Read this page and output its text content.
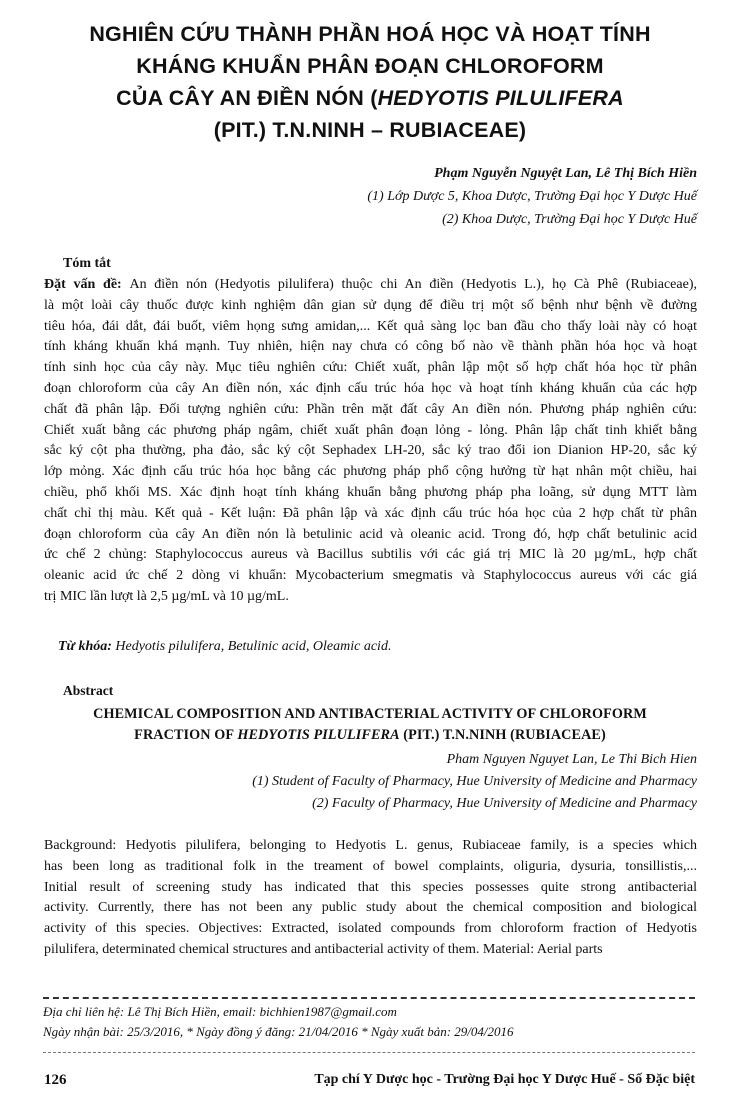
NGHIÊN CỨU THÀNH PHẦN HOÁ HỌC VÀ HOẠT TÍNH
KHÁNG KHUẨN PHÂN ĐOẠN CHLOROFORM
CỦA CÂY AN ĐIỀN NÓN (HEDYOTIS PILULIFERA
(PIT.) T.N.NINH – RUBIACEAE)
Phạm Nguyễn Nguyệt Lan, Lê Thị Bích Hiền
(1) Lớp Dược 5, Khoa Dược, Trường Đại học Y Dược Huế
(2) Khoa Dược, Trường Đại học Y Dược Huế
Tóm tắt
Đặt vấn đề: An điền nón (Hedyotis pilulifera) thuộc chi An điền (Hedyotis L.), họ Cà Phê (Rubiaceae),
là một loài cây thuốc được kinh nghiệm dân gian sử dụng để điều trị một số bệnh như bệnh về đường
tiêu hóa, đái dắt, đái buốt, viêm họng sưng amidan,... Kết quả sàng lọc ban đầu cho thấy loài này có hoạt
tính kháng khuẩn khá mạnh. Tuy nhiên, hiện nay chưa có công bố nào về thành phần hóa học và hoạt
tính sinh học của cây này. Mục tiêu nghiên cứu: Chiết xuất, phân lập một số hợp chất hóa học từ phân
đoạn chloroform của cây An điền nón, xác định cấu trúc hóa học và hoạt tính kháng khuẩn của các hợp
chất đã phân lập. Đối tượng nghiên cứu: Phần trên mặt đất cây An điền nón. Phương pháp nghiên cứu:
Chiết xuất bằng các phương pháp ngâm, chiết xuất phân đoạn lỏng - lỏng. Phân lập chất tinh khiết bằng
sắc ký cột pha thường, pha đảo, sắc ký cột Sephadex LH-20, sắc ký trao đổi ion Dianion HP-20, sắc ký
lớp mỏng. Xác định cấu trúc hóa học bằng các phương pháp phổ cộng hưởng từ hạt nhân một chiều, hai
chiều, phổ khối MS. Xác định hoạt tính kháng khuẩn bằng phương pháp pha loãng, sử dụng MTT làm
chất chỉ thị màu. Kết quả - Kết luận: Đã phân lập và xác định cấu trúc hóa học của 2 hợp chất từ phân
đoạn chloroform của cây An điền nón là betulinic acid và oleanic acid. Trong đó, hợp chất betulinic acid
ức chế 2 chủng: Staphylococcus aureus và Bacillus subtilis với các giá trị MIC là 20 µg/mL, hợp chất
oleanic acid ức chế 2 dòng vi khuẩn: Mycobacterium smegmatis và Staphylococcus aureus với các giá
trị MIC lần lượt là 2,5 µg/mL và 10 µg/mL.
Từ khóa: Hedyotis pilulifera, Betulinic acid, Oleamic acid.
Abstract
CHEMICAL COMPOSITION AND ANTIBACTERIAL ACTIVITY OF CHLOROFORM
FRACTION OF HEDYOTIS PILULIFERA (PIT.) T.N.NINH (RUBIACEAE)
Pham Nguyen Nguyet Lan, Le Thi Bich Hien
(1) Student of Faculty of Pharmacy, Hue University of Medicine and Pharmacy
(2) Faculty of Pharmacy, Hue University of Medicine and Pharmacy
Background: Hedyotis pilulifera, belonging to Hedyotis L. genus, Rubiaceae family, is a species which
has been long as traditional folk in the treament of bowel complaints, oliguria, dysuria, tonsillistis,...
Initial result of screening study has indicated that this species possesses quite strong antibacterial
activity. Currently, there has not been any public study about the chemical composition and biological
activity of this species. Objectives: Extracted, isolated compounds from chloroform fraction of Hedyotis
pilulifera, determinated chemical structures and antibacterial activity of them. Material: Aerial parts
Địa chỉ liên hệ: Lê Thị Bích Hiền, email: bichhien1987@gmail.com
Ngày nhận bài: 25/3/2016, * Ngày đồng ý đăng: 21/04/2016 * Ngày xuất bản: 29/04/2016
126	Tạp chí Y Dược học - Trường Đại học Y Dược Huế - Số Đặc biệt
